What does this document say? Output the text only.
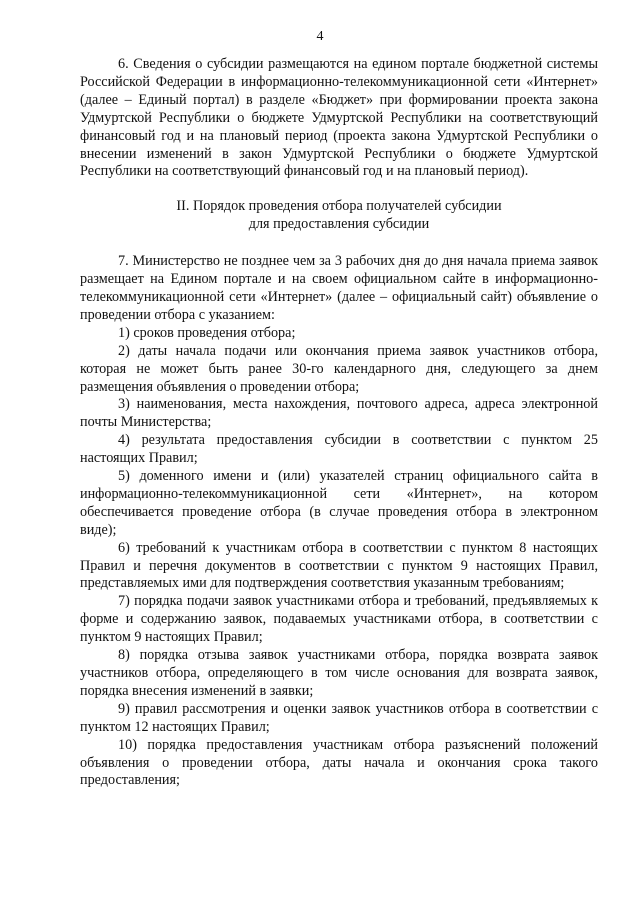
4

6. Сведения о субсидии размещаются на едином портале бюджетной системы Российской Федерации в информационно-телекоммуникационной сети «Интернет» (далее – Единый портал) в разделе «Бюджет» при формировании проекта закона Удмуртской Республики о бюджете Удмуртской Республики на соответствующий финансовый год и на плановый период (проекта закона Удмуртской Республики о внесении изменений в закон Удмуртской Республики о бюджете Удмуртской Республики на соответствующий финансовый год и на плановый период).

II. Порядок проведения отбора получателей субсидии
для предоставления субсидии

7. Министерство не позднее чем за 3 рабочих дня до дня начала приема заявок размещает на Едином портале и на своем официальном сайте в информационно-телекоммуникационной сети «Интернет» (далее – официальный сайт) объявление о проведении отбора с указанием:

1) сроков проведения отбора;

2) даты начала подачи или окончания приема заявок участников отбора, которая не может быть ранее 30-го календарного дня, следующего за днем размещения объявления о проведении отбора;

3) наименования, места нахождения, почтового адреса, адреса электронной почты Министерства;

4) результата предоставления субсидии в соответствии с пунктом 25 настоящих Правил;

5) доменного имени и (или) указателей страниц официального сайта в информационно-телекоммуникационной сети «Интернет», на котором обеспечивается проведение отбора (в случае проведения отбора в электронном виде);

6) требований к участникам отбора в соответствии с пунктом 8 настоящих Правил и перечня документов в соответствии с пунктом 9 настоящих Правил, представляемых ими для подтверждения соответствия указанным требованиям;

7) порядка подачи заявок участниками отбора и требований, предъявляемых к форме и содержанию заявок, подаваемых участниками отбора, в соответствии с пунктом 9 настоящих Правил;

8) порядка отзыва заявок участниками отбора, порядка возврата заявок участников отбора, определяющего в том числе основания для возврата заявок, порядка внесения изменений в заявки;

9) правил рассмотрения и оценки заявок участников отбора в соответствии с пунктом 12 настоящих Правил;

10) порядка предоставления участникам отбора разъяснений положений объявления о проведении отбора, даты начала и окончания срока такого предоставления;
